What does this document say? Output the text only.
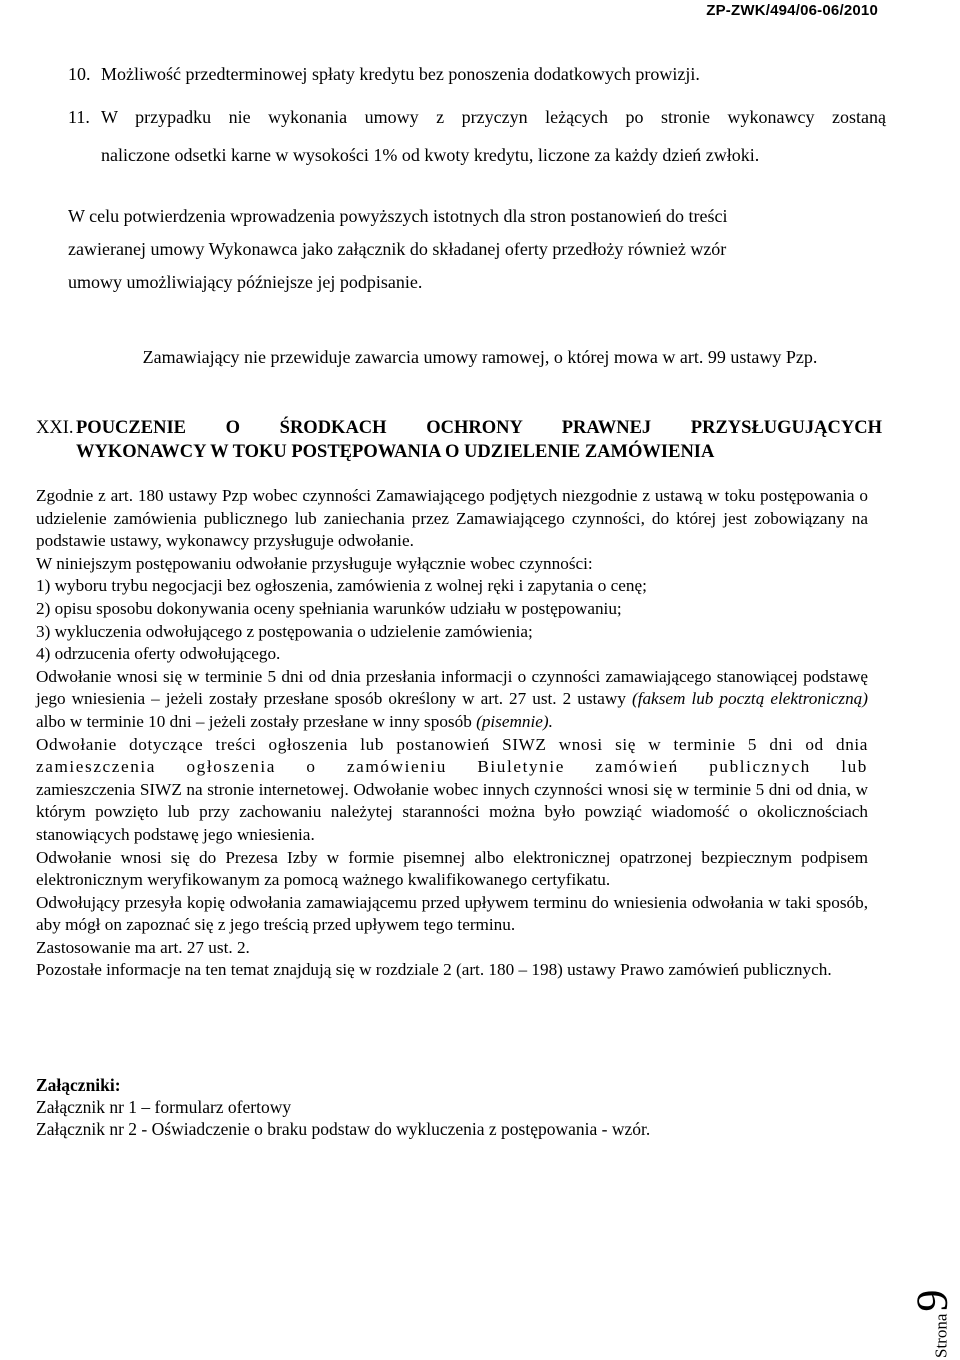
ZP-ZWK/494/06-06/2010
10. Możliwość przedterminowej spłaty kredytu bez ponoszenia dodatkowych prowizji.
11. W przypadku nie wykonania umowy z przyczyn leżących po stronie wykonawcy zostaną
naliczone odsetki karne w wysokości 1% od kwoty kredytu, liczone za każdy dzień zwłoki.
W celu potwierdzenia wprowadzenia powyższych istotnych dla stron postanowień do treści
zawieranej umowy Wykonawca jako załącznik do składanej oferty przedłoży również wzór
umowy umożliwiający późniejsze jej podpisanie.
Zamawiający nie przewiduje zawarcia umowy ramowej, o której mowa w art. 99 ustawy Pzp.
XXI. POUCZENIE O ŚRODKACH OCHRONY PRAWNEJ PRZYSŁUGUJĄCYCH
WYKONAWCY W TOKU POSTĘPOWANIA O UDZIELENIE ZAMÓWIENIA

Zgodnie z art. 180 ustawy Pzp wobec czynności Zamawiającego podjętych niezgodnie z ustawą w toku postępowania o udzielenie zamówienia publicznego lub zaniechania przez Zamawiającego czynności, do której jest zobowiązany na podstawie ustawy, wykonawcy przysługuje odwołanie.

W niniejszym postępowaniu odwołanie przysługuje wyłącznie wobec czynności:

1) wyboru trybu negocjacji bez ogłoszenia, zamówienia z wolnej ręki i zapytania o cenę;

2) opisu sposobu dokonywania oceny spełniania warunków udziału w postępowaniu;

3) wykluczenia odwołującego z postępowania o udzielenie zamówienia;

4) odrzucenia oferty odwołującego.

Odwołanie wnosi się w terminie 5 dni od dnia przesłania informacji o czynności zamawiającego stanowiącej podstawę jego wniesienia – jeżeli zostały przesłane sposób określony w art. 27 ust. 2 ustawy (faksem lub pocztą elektroniczną) albo w terminie 10 dni – jeżeli zostały przesłane w inny sposób (pisemnie).

Odwołanie dotyczące treści ogłoszenia lub postanowień SIWZ wnosi się w terminie 5 dni od dnia

zamieszczenia ogłoszenia o zamówieniu Biuletynie zamówień publicznych lub

zamieszczenia SIWZ na stronie internetowej. Odwołanie wobec innych czynności wnosi się w terminie 5 dni od dnia, w którym powzięto lub przy zachowaniu należytej staranności można było powziąć wiadomość o okolicznościach stanowiących podstawę jego wniesienia.

Odwołanie wnosi się do Prezesa Izby w formie pisemnej albo elektronicznej opatrzonej bezpiecznym podpisem elektronicznym weryfikowanym za pomocą ważnego kwalifikowanego certyfikatu.

Odwołujący przesyła kopię odwołania zamawiającemu przed upływem terminu do wniesienia odwołania w taki sposób, aby mógł on zapoznać się z jego treścią przed upływem tego terminu.

Zastosowanie ma art. 27 ust. 2.

Pozostałe informacje na ten temat znajdują się w rozdziale 2 (art. 180 – 198) ustawy Prawo zamówień publicznych.

Załączniki:
Załącznik nr 1 – formularz ofertowy
Załącznik nr 2 - Oświadczenie o braku podstaw do wykluczenia z postępowania - wzór.
Strona9
